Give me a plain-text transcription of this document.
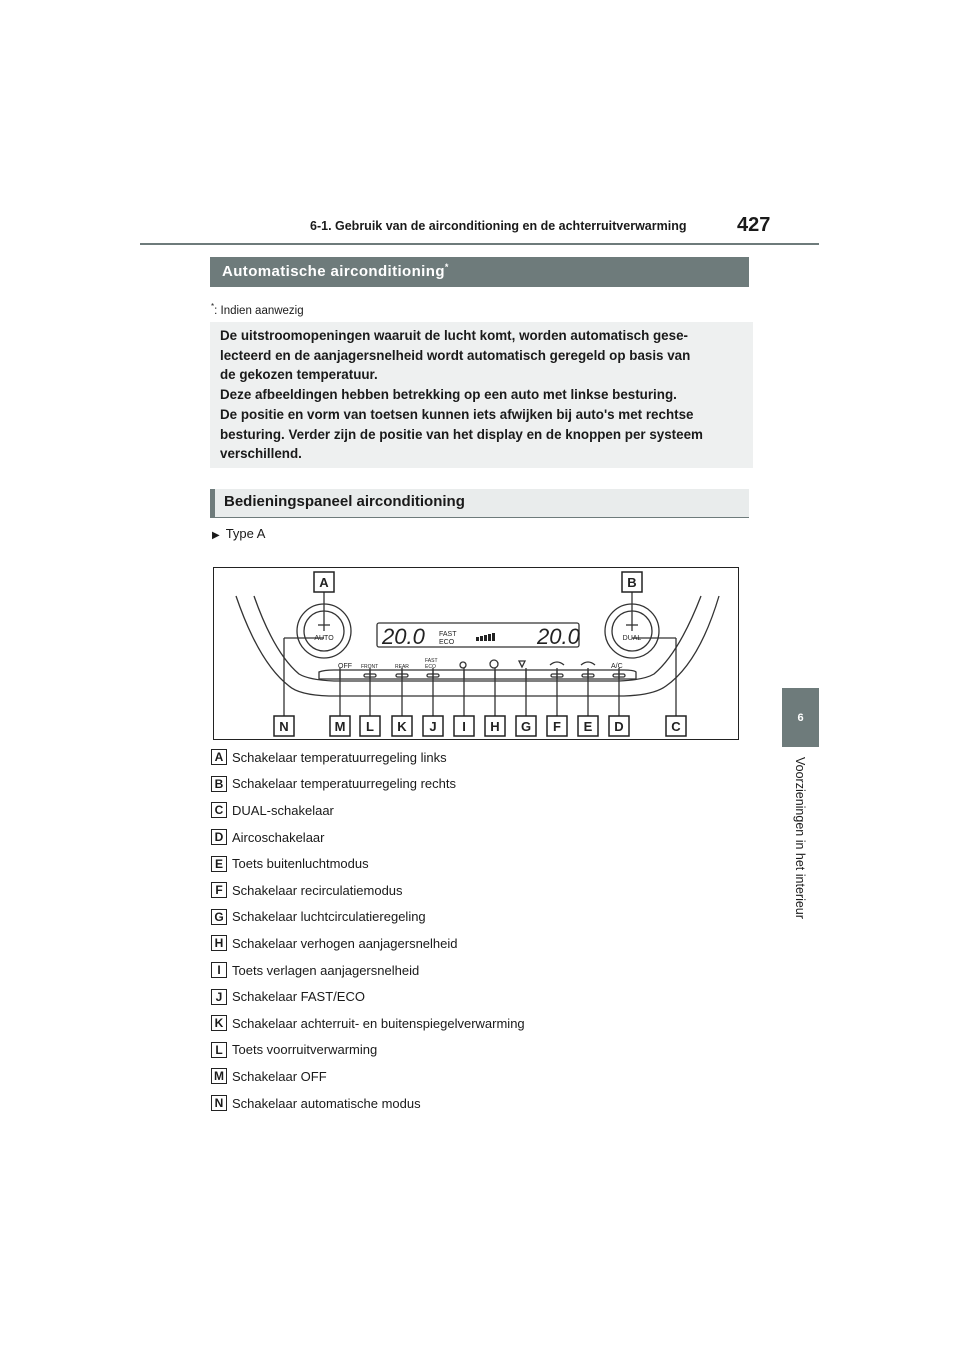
6-1. Gebruik van de airconditioning en de achterruitverwarming	427
6
Voorzieningen in het interieur
Automatische airconditioning*
*: Indien aanwezig

De uitstroomopeningen waaruit de lucht komt, worden automatisch gese-

lecteerd en de aanjagersnelheid wordt automatisch geregeld op basis van

de gekozen temperatuur.

Deze afbeeldingen hebben betrekking op een auto met linkse besturing.

De positie en vorm van toetsen kunnen iets afwijken bij auto's met rechtse

besturing. Verder zijn de positie van het display en de knoppen per systeem

verschillend.

Bedieningspaneel airconditioning
▶ Type A
AUTO	DUAL
20.0	20.0
FAST
ECO
OFF FRONT	REAR
FAST
ECO	A/C
A	B
N	M L K J I H G F E D	C
A Schakelaar temperatuurregeling links
B Schakelaar temperatuurregeling rechts
C DUAL-schakelaar
D Aircoschakelaar
E Toets buitenluchtmodus
F Schakelaar recirculatiemodus
G Schakelaar luchtcirculatieregeling
H Schakelaar verhogen aanjagersnelheid
I Toets verlagen aanjagersnelheid
J Schakelaar FAST/ECO
K Schakelaar achterruit- en buitenspiegelverwarming
L Toets voorruitverwarming
M Schakelaar OFF
N Schakelaar automatische modus
